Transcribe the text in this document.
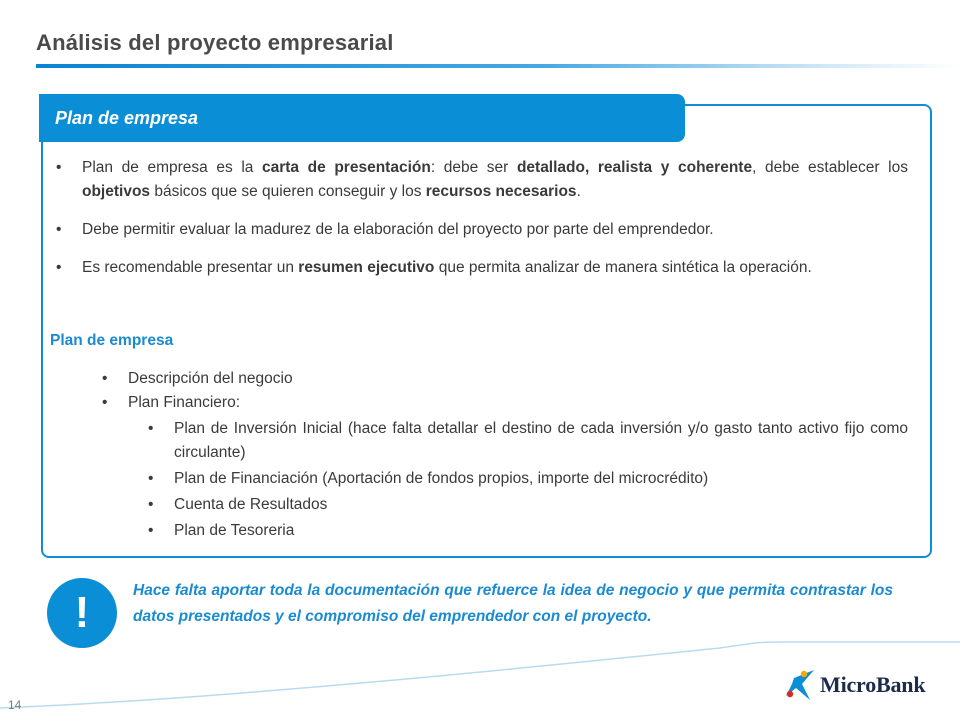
Análisis del proyecto empresarial
Plan de empresa
• Plan de empresa es la carta de presentación: debe ser detallado, realista y coherente, debe establecer los objetivos básicos que se quieren conseguir y los recursos necesarios.
• Debe permitir evaluar la madurez de la elaboración del proyecto por parte del emprendedor.
• Es recomendable presentar un resumen ejecutivo que permita analizar de manera sintética la operación.
Plan de empresa
• Descripción del negocio
• Plan Financiero:
• Plan de Inversión Inicial (hace falta detallar el destino de cada inversión y/o gasto tanto activo fijo como circulante)
• Plan de Financiación (Aportación de fondos propios, importe del microcrédito)
• Cuenta de Resultados
• Plan de Tesoreria
!	Hace falta aportar toda la documentación que refuerce la idea de negocio y que permita contrastar los datos presentados y el compromiso del emprendedor con el proyecto.
14
MicroBank
